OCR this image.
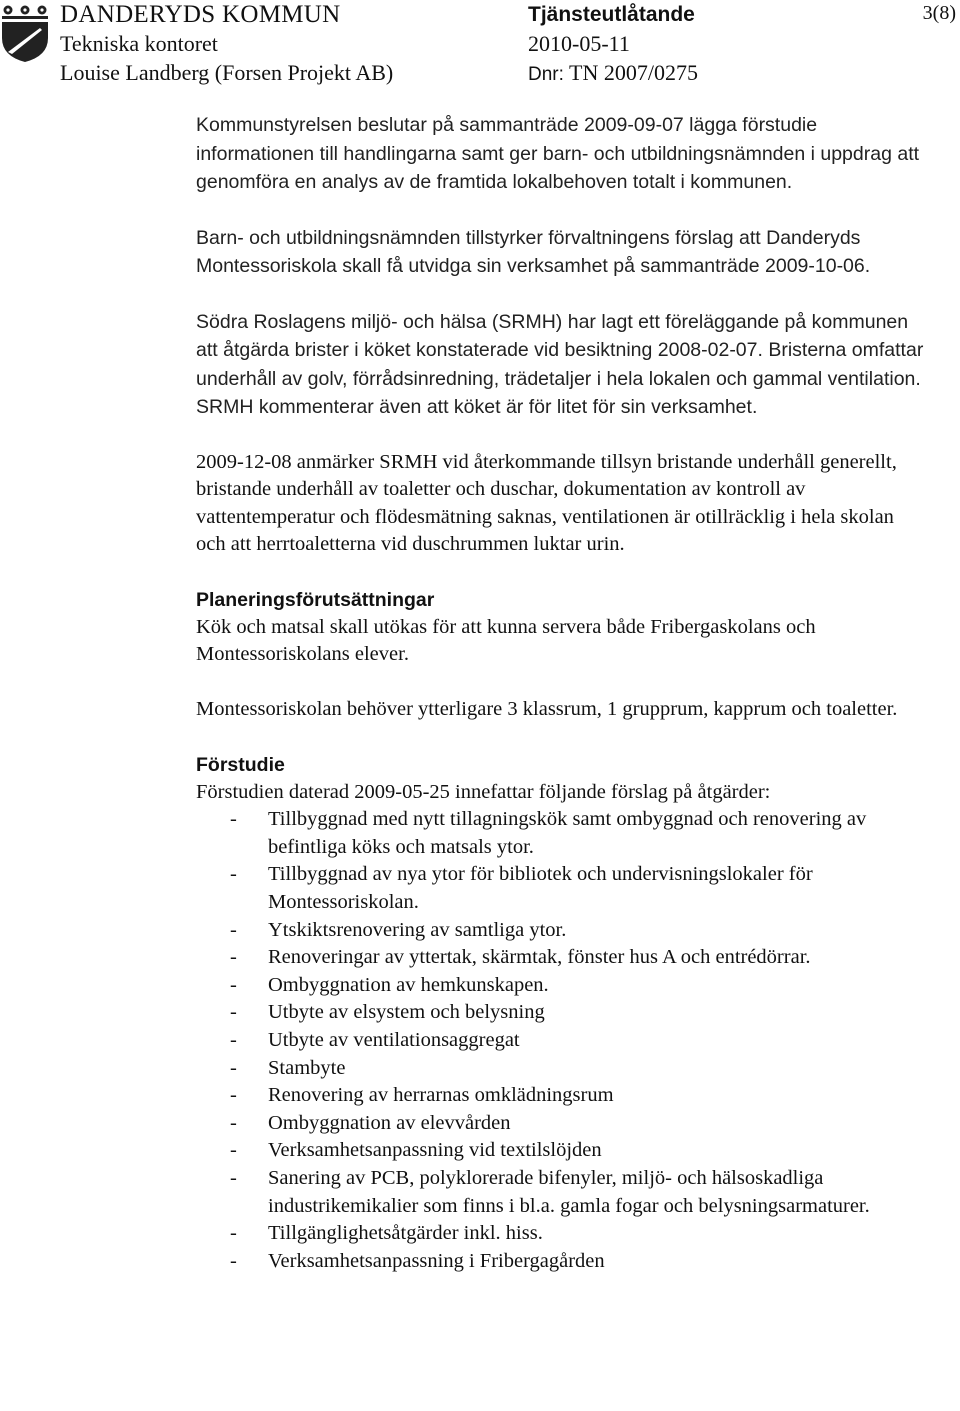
DANDERYDS KOMMUN
Tekniska kontoret
Louise Landberg (Forsen Projekt AB)
Tjänsteutlåtande
2010-05-11
Dnr: TN 2007/0275
3(8)

Kommunstyrelsen beslutar på sammanträde 2009-09-07 lägga förstudie informationen till handlingarna samt ger barn- och utbildningsnämnden i uppdrag att genomföra en analys av de framtida lokalbehoven totalt i kommunen.

Barn- och utbildningsnämnden tillstyrker förvaltningens förslag att Danderyds Montessoriskola skall få utvidga sin verksamhet på sammanträde 2009-10-06.

Södra Roslagens miljö- och hälsa (SRMH) har lagt ett föreläggande på kommunen att åtgärda brister i köket konstaterade vid besiktning 2008-02-07. Bristerna omfattar underhåll av golv, förrådsinredning, trädetaljer i hela lokalen och gammal ventilation. SRMH kommenterar även att köket är för litet för sin verksamhet.

2009-12-08 anmärker SRMH vid återkommande tillsyn bristande underhåll generellt, bristande underhåll av toaletter och duschar, dokumentation av kontroll av vattentemperatur och flödesmätning saknas, ventilationen är otillräcklig i hela skolan och att herrtoaletterna vid duschrummen luktar urin.

Planeringsförutsättningar

Kök och matsal skall utökas för att kunna servera både Fribergaskolans och Montessoriskolans elever.

Montessoriskolan behöver ytterligare 3 klassrum, 1 grupprum, kapprum och toaletter.

Förstudie
Förstudien daterad 2009-05-25 innefattar följande förslag på åtgärder:
- Tillbyggnad med nytt tillagningskök samt ombyggnad och renovering av befintliga köks och matsals ytor.
- Tillbyggnad av nya ytor för bibliotek och undervisningslokaler för Montessoriskolan.
- Ytskiktsrenovering av samtliga ytor.
- Renoveringar av yttertak, skärmtak, fönster hus A och entrédörrar.
- Ombyggnation av hemkunskapen.
- Utbyte av elsystem och belysning
- Utbyte av ventilationsaggregat
- Stambyte
- Renovering av herrarnas omklädningsrum
- Ombyggnation av elevvården
- Verksamhetsanpassning vid textilslöjden
- Sanering av PCB, polyklorerade bifenyler, miljö- och hälsoskadliga industrikemikalier som finns i bl.a. gamla fogar och belysningsarmaturer.
- Tillgänglighetsåtgärder inkl. hiss.
- Verksamhetsanpassning i Fribergagården
